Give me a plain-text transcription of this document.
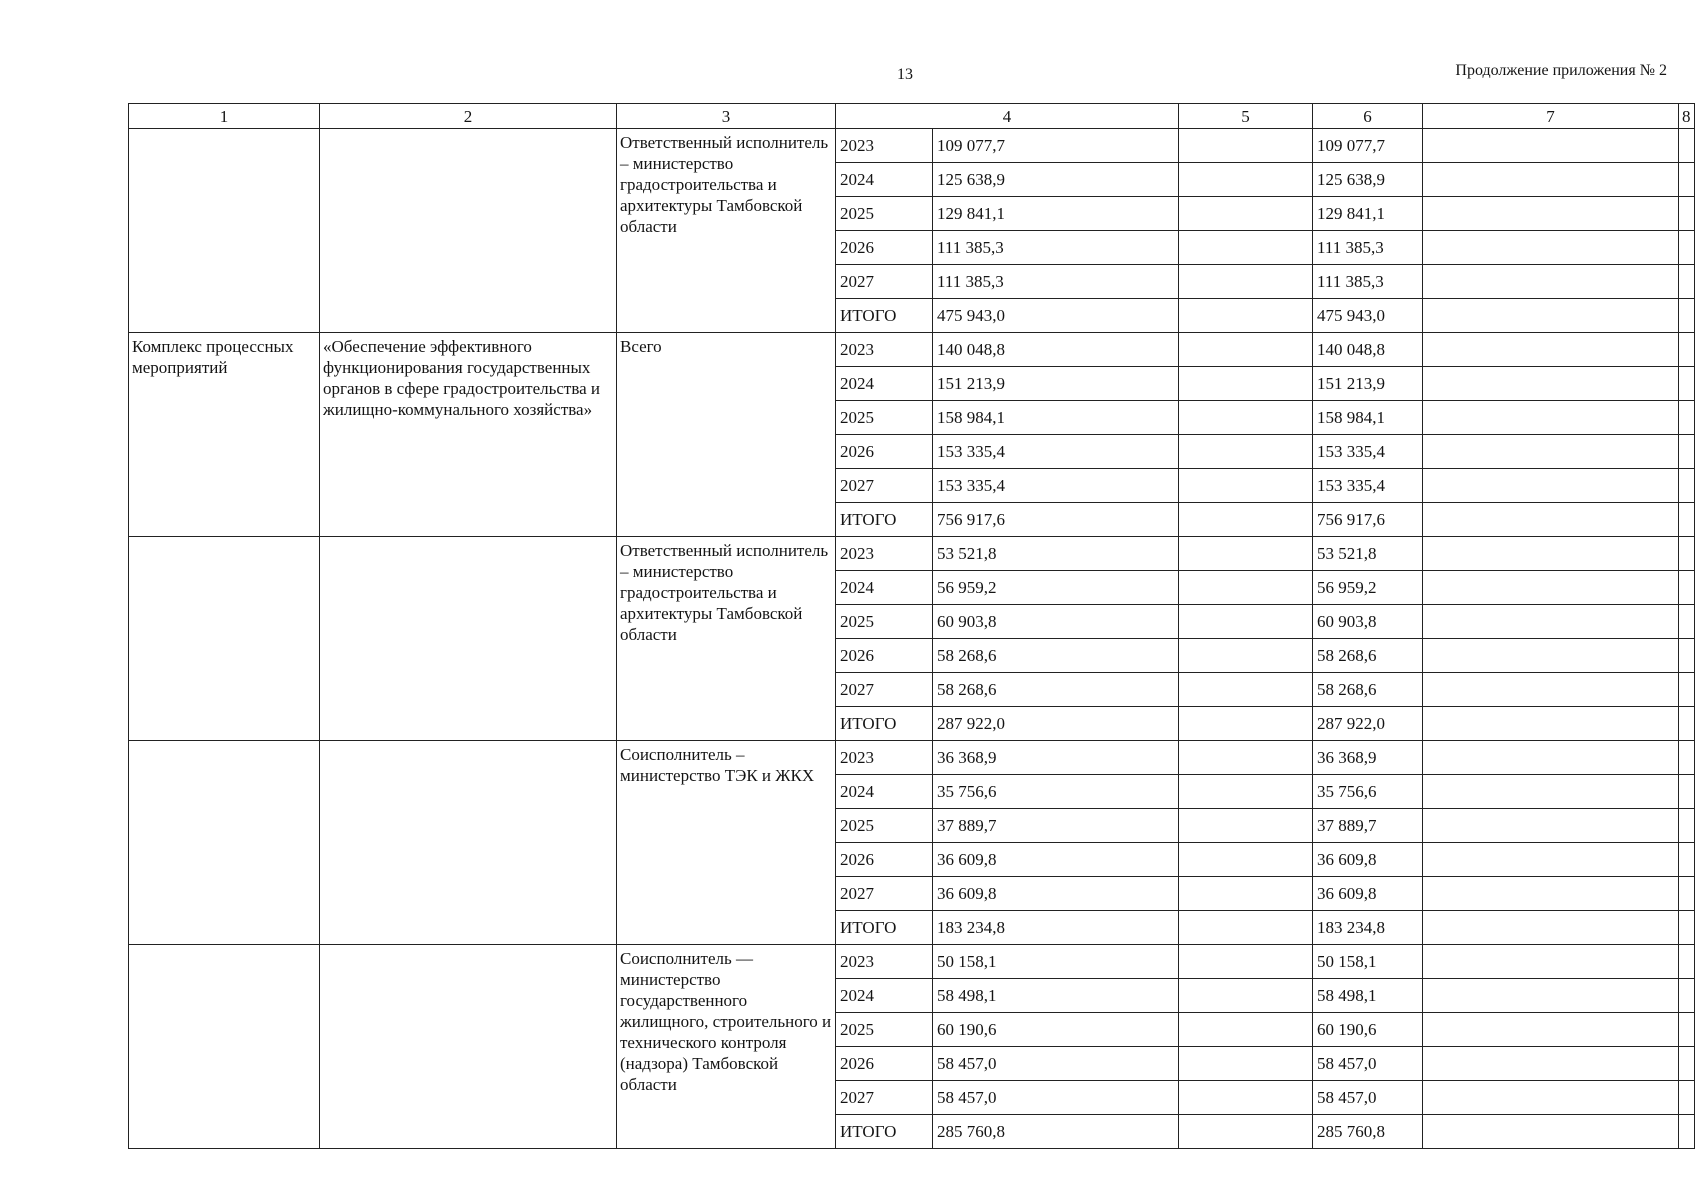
13	Продолжение приложения № 2
1	2	3	4		5	6	7	8
		Ответственный исполнитель – министерство градостроительства и архитектуры Тамбовской области	2023	109 077,7		109 077,7		
			2024	125 638,9		125 638,9		
			2025	129 841,1		129 841,1		
			2026	111 385,3		111 385,3		
			2027	111 385,3		111 385,3		
			ИТОГО	475 943,0		475 943,0		
Комплекс процессных мероприятий	«Обеспечение эффективного функционирования государственных органов в сфере градостроительства и жилищно-коммунального хозяйства»	Всего	2023	140 048,8		140 048,8		
			2024	151 213,9		151 213,9		
			2025	158 984,1		158 984,1		
			2026	153 335,4		153 335,4		
			2027	153 335,4		153 335,4		
			ИТОГО	756 917,6		756 917,6		
		Ответственный исполнитель – министерство градостроительства и архитектуры Тамбовской области	2023	53 521,8		53 521,8		
			2024	56 959,2		56 959,2		
			2025	60 903,8		60 903,8		
			2026	58 268,6		58 268,6		
			2027	58 268,6		58 268,6		
			ИТОГО	287 922,0		287 922,0		
		Соисполнитель – министерство ТЭК и ЖКХ	2023	36 368,9		36 368,9		
			2024	35 756,6		35 756,6		
			2025	37 889,7		37 889,7		
			2026	36 609,8		36 609,8		
			2027	36 609,8		36 609,8		
			ИТОГО	183 234,8		183 234,8		
		Соисполнитель — министерство государственного жилищного, строительного и технического контроля (надзора) Тамбовской области	2023	50 158,1		50 158,1		
			2024	58 498,1		58 498,1		
			2025	60 190,6		60 190,6		
			2026	58 457,0		58 457,0		
			2027	58 457,0		58 457,0		
			ИТОГО	285 760,8		285 760,8		
